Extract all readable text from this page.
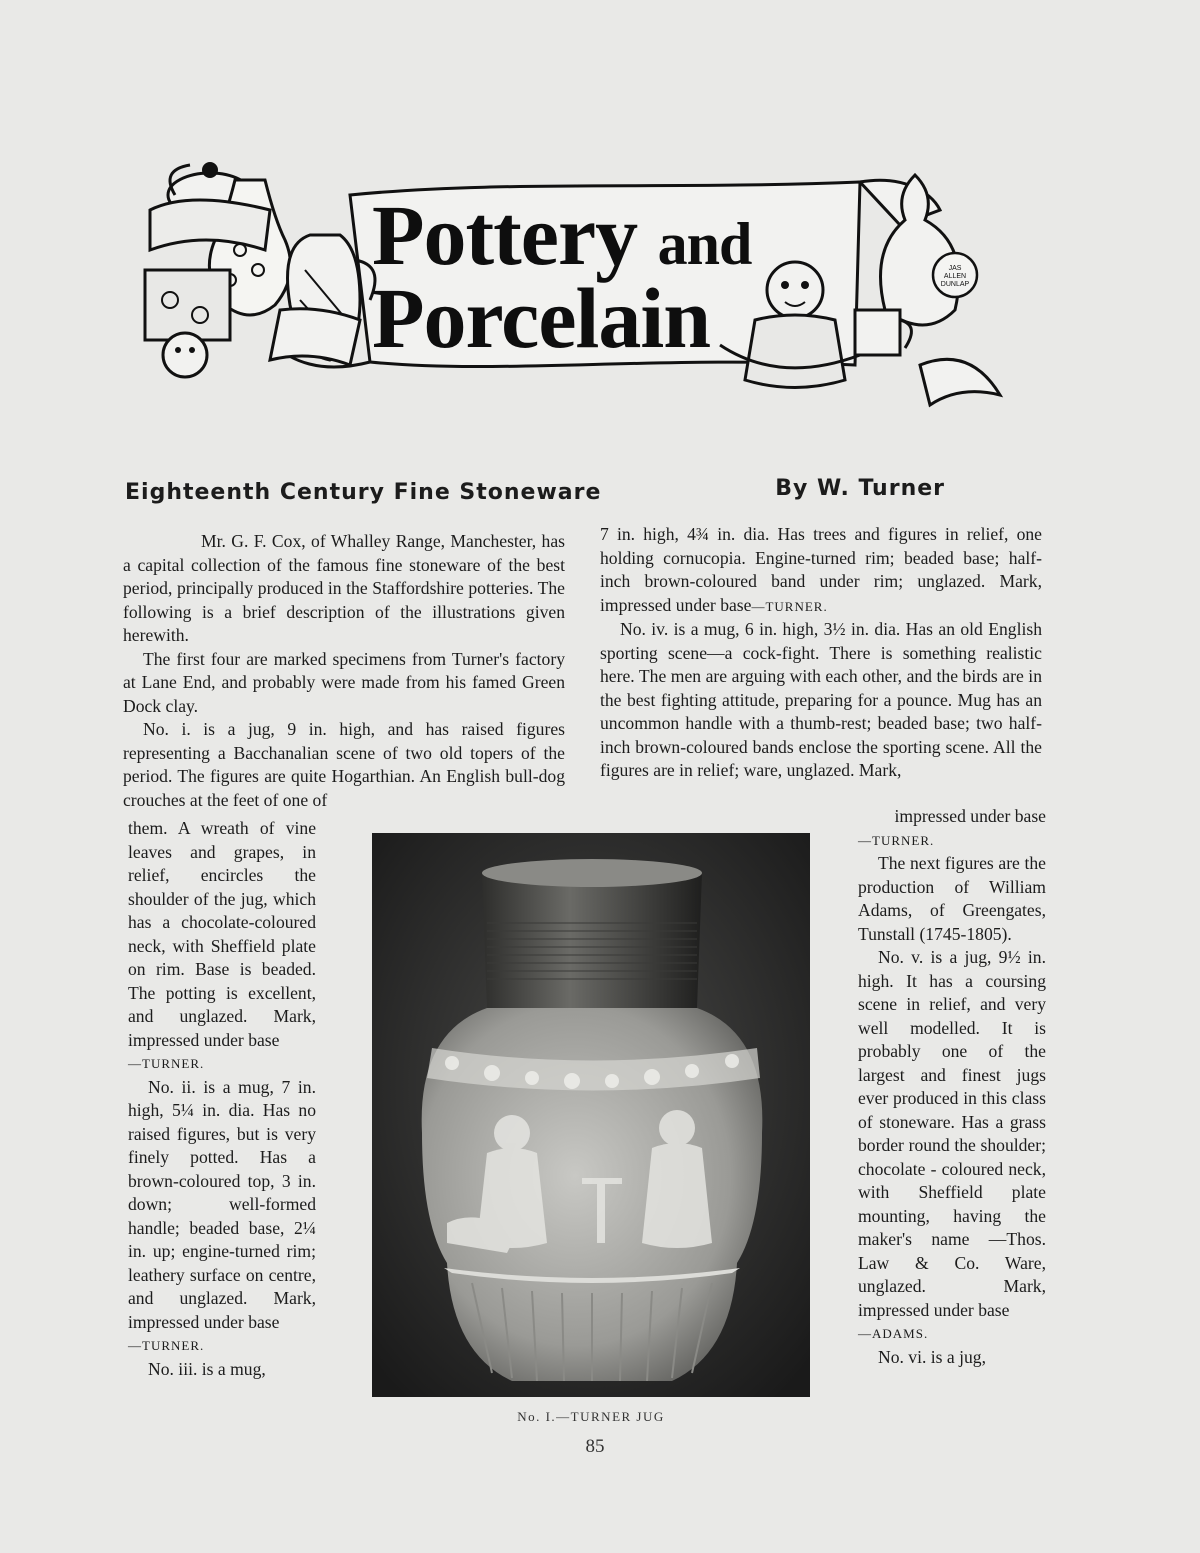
JAS
ALLEN
DUNLAP
Pottery and
Porcelain
Eighteenth Century Fine Stoneware	By W. Turner

Mr. G. F. Cox, of Whalley Range, Manchester, has a capital collection of the famous fine stoneware of the best period, principally produced in the Staffordshire potteries. The following is a brief description of the illustrations given herewith.

The first four are marked specimens from Turner's factory at Lane End, and probably were made from his famed Green Dock clay.

No. i. is a jug, 9 in. high, and has raised figures representing a Bacchanalian scene of two old topers of the period. The figures are quite Hogarthian. An English bull-dog crouches at the feet of one of

7 in. high, 4¾ in. dia. Has trees and figures in relief, one holding cornucopia. Engine-turned rim; beaded base; half-inch brown-coloured band under rim; unglazed. Mark, impressed under base—TURNER.

No. iv. is a mug, 6 in. high, 3½ in. dia. Has an old English sporting scene—a cock-fight. There is something realistic here. The men are arguing with each other, and the birds are in the best fighting attitude, preparing for a pounce. Mug has an uncommon handle with a thumb-rest; beaded base; two half-inch brown-coloured bands enclose the sporting scene. All the figures are in relief; ware, unglazed. Mark,

them. A wreath of vine leaves and grapes, in relief, encircles the shoulder of the jug, which has a chocolate-coloured neck, with Sheffield plate on rim. Base is beaded. The potting is excellent, and unglazed. Mark, impressed under base

—TURNER.

No. ii. is a mug, 7 in. high, 5¼ in. dia. Has no raised figures, but is very finely potted. Has a brown-coloured top, 3 in. down; well-formed handle; beaded base, 2¼ in. up; engine-turned rim; leathery surface on centre, and unglazed. Mark, impressed under base

—TURNER.

No. iii. is a mug,

No. I.—TURNER JUG

impressed under base

—TURNER.

The next figures are the production of William Adams, of Greengates, Tunstall (1745-1805).

No. v. is a jug, 9½ in. high. It has a coursing scene in relief, and very well modelled. It is probably one of the largest and finest jugs ever produced in this class of stoneware. Has a grass border round the shoulder; chocolate - coloured neck, with Sheffield plate mounting, having the maker's name —Thos. Law & Co. Ware, unglazed. Mark, impressed under base

—ADAMS.

No. vi. is a jug,

85
